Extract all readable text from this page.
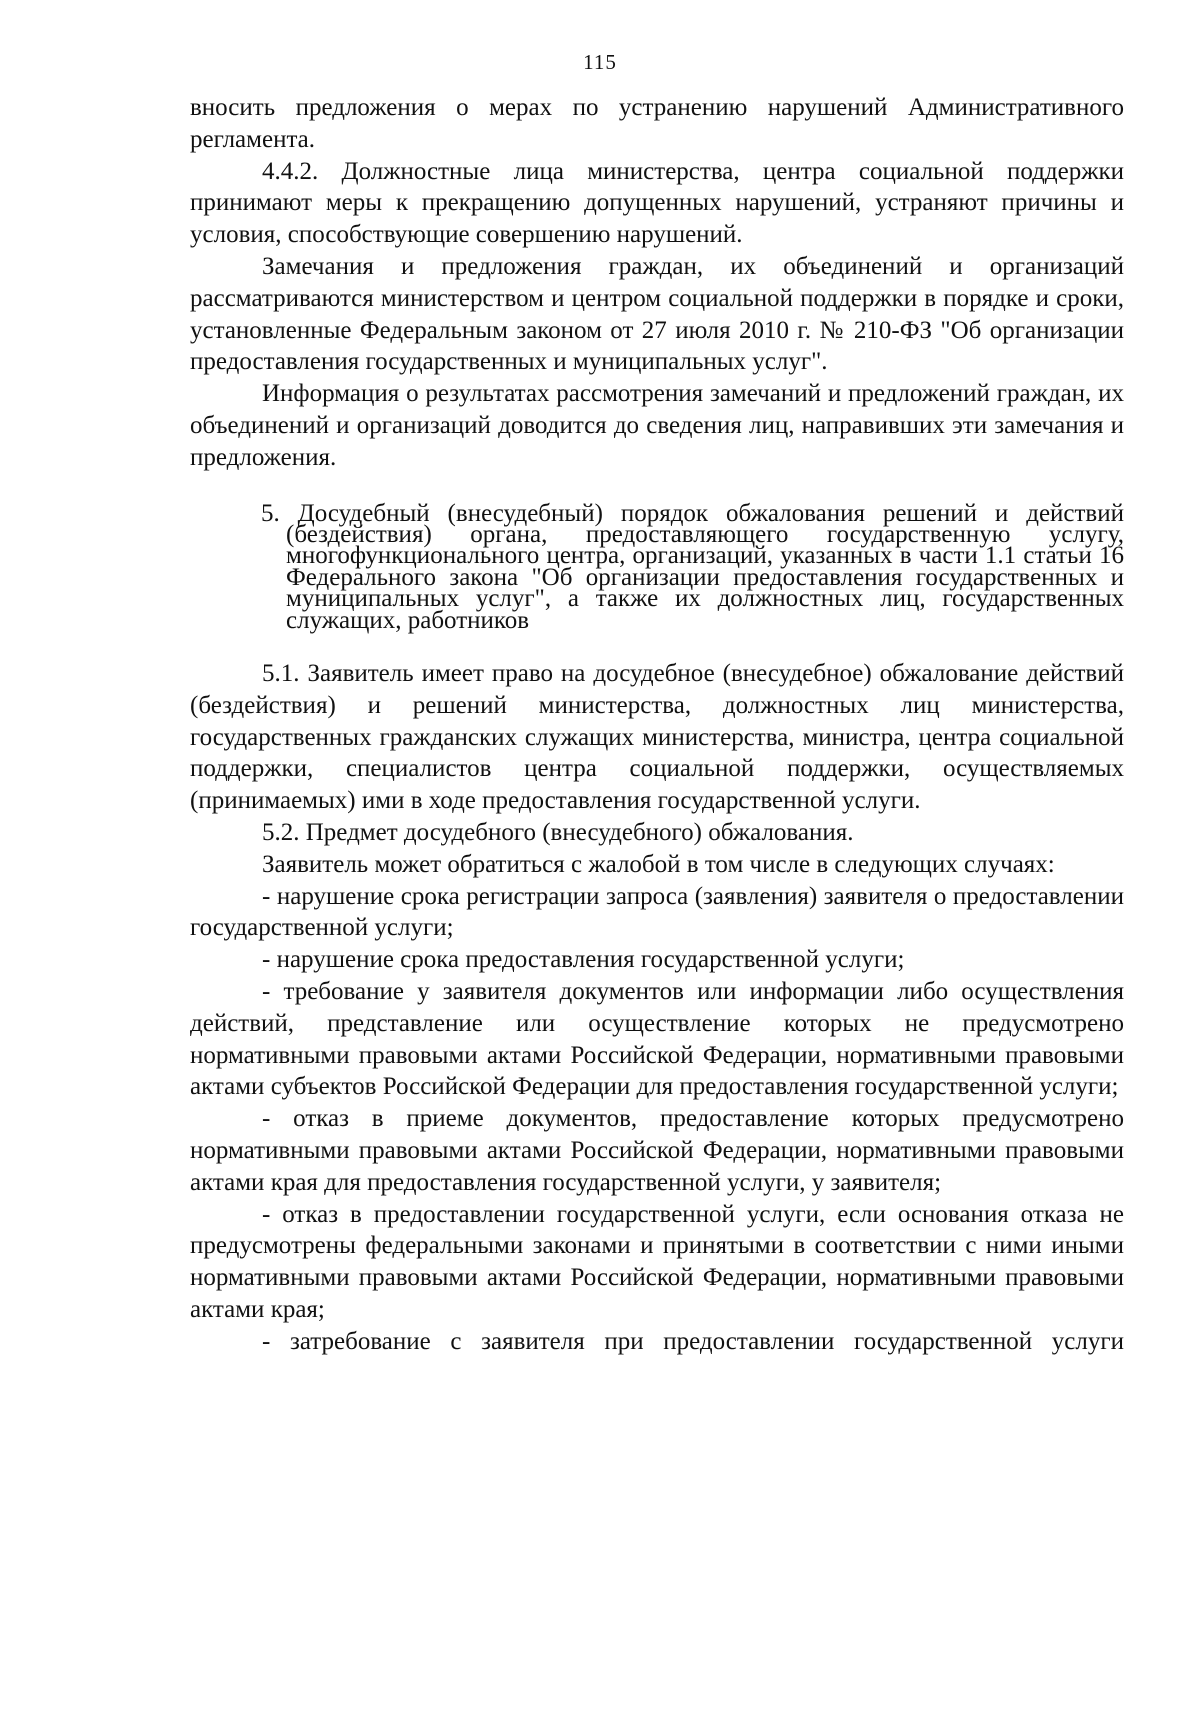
115

вносить предложения о мерах по устранению нарушений Административного регламента.

4.4.2. Должностные лица министерства, центра социальной поддержки принимают меры к прекращению допущенных нарушений, устраняют причины и условия, способствующие совершению нарушений.

Замечания и предложения граждан, их объединений и организаций рассматриваются министерством и центром социальной поддержки в порядке и сроки, установленные Федеральным законом от 27 июля 2010 г. № 210-ФЗ "Об организации предоставления государственных и муниципальных услуг".

Информация о результатах рассмотрения замечаний и предложений граждан, их объединений и организаций доводится до сведения лиц, направивших эти замечания и предложения.

5. Досудебный (внесудебный) порядок обжалования решений и действий (бездействия) органа, предоставляющего государственную услугу, многофункционального центра, организаций, указанных в части 1.1 статьи 16 Федерального закона "Об организации предоставления государственных и муниципальных услуг", а также их должностных лиц, государственных служащих, работников

5.1. Заявитель имеет право на досудебное (внесудебное) обжалование действий (бездействия) и решений министерства, должностных лиц министерства, государственных гражданских служащих министерства, министра, центра социальной поддержки, специалистов центра социальной поддержки, осуществляемых (принимаемых) ими в ходе предоставления государственной услуги.

5.2. Предмет досудебного (внесудебного) обжалования.

Заявитель может обратиться с жалобой в том числе в следующих случаях:

- нарушение срока регистрации запроса (заявления) заявителя о предоставлении государственной услуги;

- нарушение срока предоставления государственной услуги;

- требование у заявителя документов или информации либо осуществления действий, представление или осуществление которых не предусмотрено нормативными правовыми актами Российской Федерации, нормативными правовыми актами субъектов Российской Федерации для предоставления государственной услуги;

- отказ в приеме документов, предоставление которых предусмотрено нормативными правовыми актами Российской Федерации, нормативными правовыми актами края для предоставления государственной услуги, у заявителя;

- отказ в предоставлении государственной услуги, если основания отказа не предусмотрены федеральными законами и принятыми в соответствии с ними иными нормативными правовыми актами Российской Федерации, нормативными правовыми актами края;

- затребование с заявителя при предоставлении государственной услуги
